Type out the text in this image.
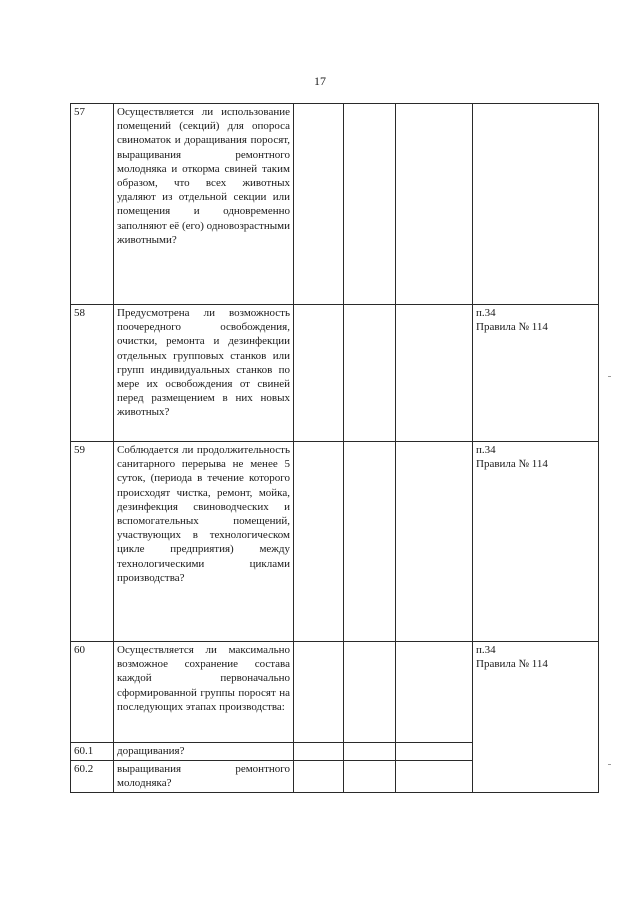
17
57	Осуществляется ли использование помещений (секций) для опороса свиноматок и доращивания поросят, выращивания ремонтного молодняка и откорма свиней таким образом, что всех животных удаляют из отдельной секции или помещения и одновременно заполняют её (его) одновозрастными животными?				

58	Предусмотрена ли возможность поочередного освобождения, очистки, ремонта и дезинфекции отдельных групповых станков или групп индивидуальных станков по мере их освобождения от свиней перед размещением в них новых животных?				п.34
Правила № 114

59	Соблюдается ли продолжительность санитарного перерыва не менее 5 суток, (периода в течение которого происходят чистка, ремонт, мойка, дезинфекция свиноводческих и вспомогательных помещений, участвующих в технологическом цикле предприятия) между технологическими циклами производства?				п.34
Правила № 114

60	Осуществляется ли максимально возможное сохранение состава каждой первоначально сформированной группы поросят на последующих этапах производства:				п.34
Правила № 114

60.1	доращивания?				
60.2	выращивания ремонтного молодняка?				
